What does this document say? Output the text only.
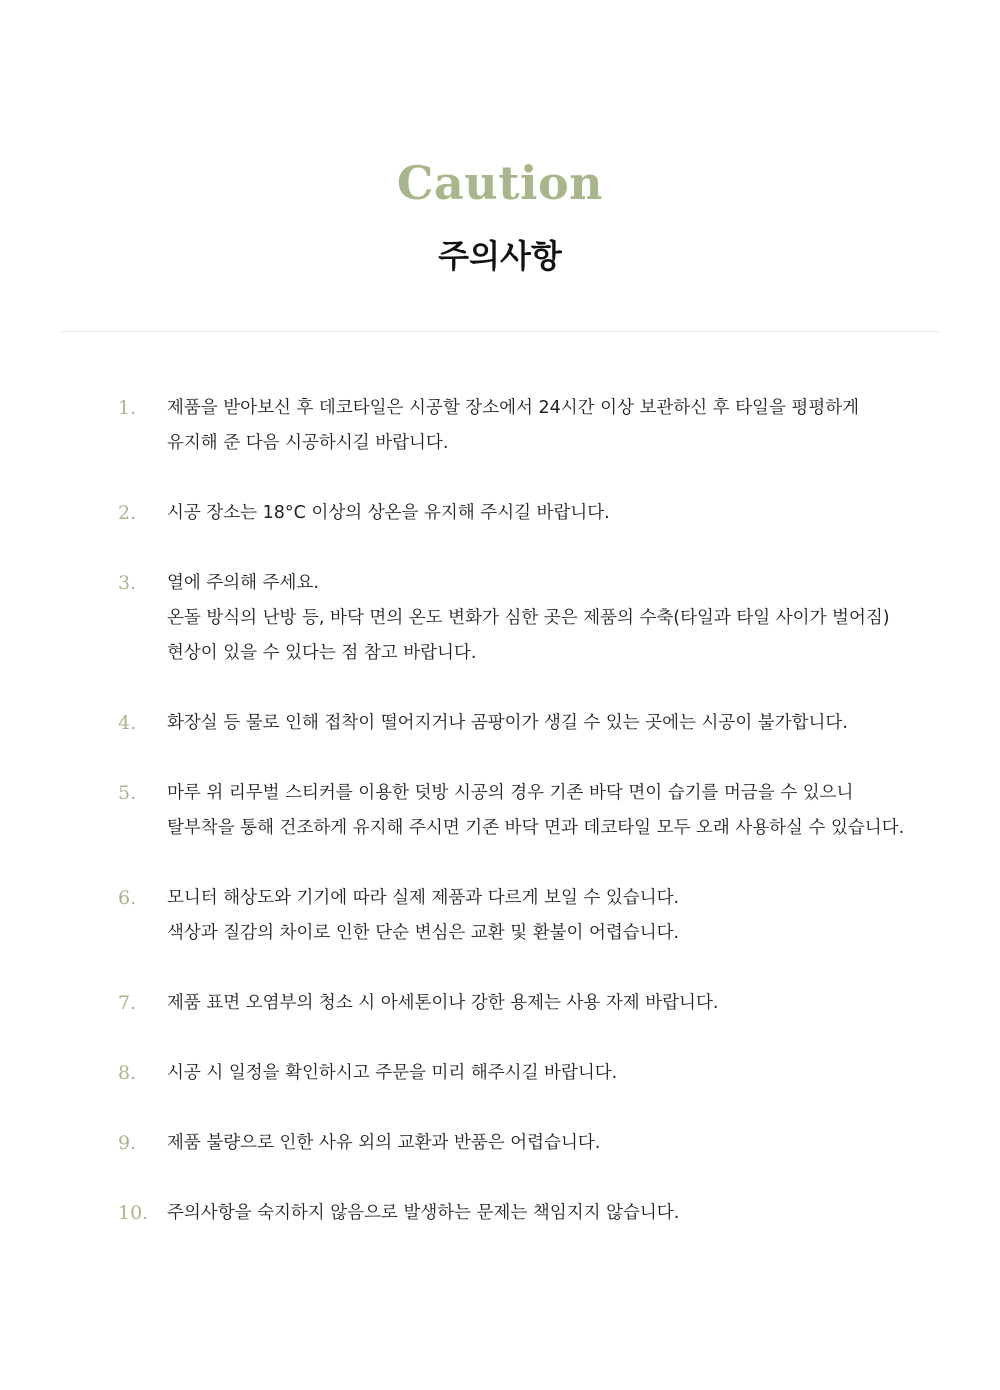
Caution
주의사항
1.	제품을 받아보신 후 데코타일은 시공할 장소에서 24시간 이상 보관하신 후 타일을 평평하게
유지해 준 다음 시공하시길 바랍니다.
2.	시공 장소는 18°C 이상의 상온을 유지해 주시길 바랍니다.
3.	열에 주의해 주세요.
온돌 방식의 난방 등, 바닥 면의 온도 변화가 심한 곳은 제품의 수축(타일과 타일 사이가 벌어짐)
현상이 있을 수 있다는 점 참고 바랍니다.
4.	화장실 등 물로 인해 접착이 떨어지거나 곰팡이가 생길 수 있는 곳에는 시공이 불가합니다.
5.	마루 위 리무벌 스티커를 이용한 덧방 시공의 경우 기존 바닥 면이 습기를 머금을 수 있으니
탈부착을 통해 건조하게 유지해 주시면 기존 바닥 면과 데코타일 모두 오래 사용하실 수 있습니다.
6.	모니터 해상도와 기기에 따라 실제 제품과 다르게 보일 수 있습니다.
색상과 질감의 차이로 인한 단순 변심은 교환 및 환불이 어렵습니다.
7.	제품 표면 오염부의 청소 시 아세톤이나 강한 용제는 사용 자제 바랍니다.
8.	시공 시 일정을 확인하시고 주문을 미리 해주시길 바랍니다.
9.	제품 불량으로 인한 사유 외의 교환과 반품은 어렵습니다.
10.	주의사항을 숙지하지 않음으로 발생하는 문제는 책임지지 않습니다.
